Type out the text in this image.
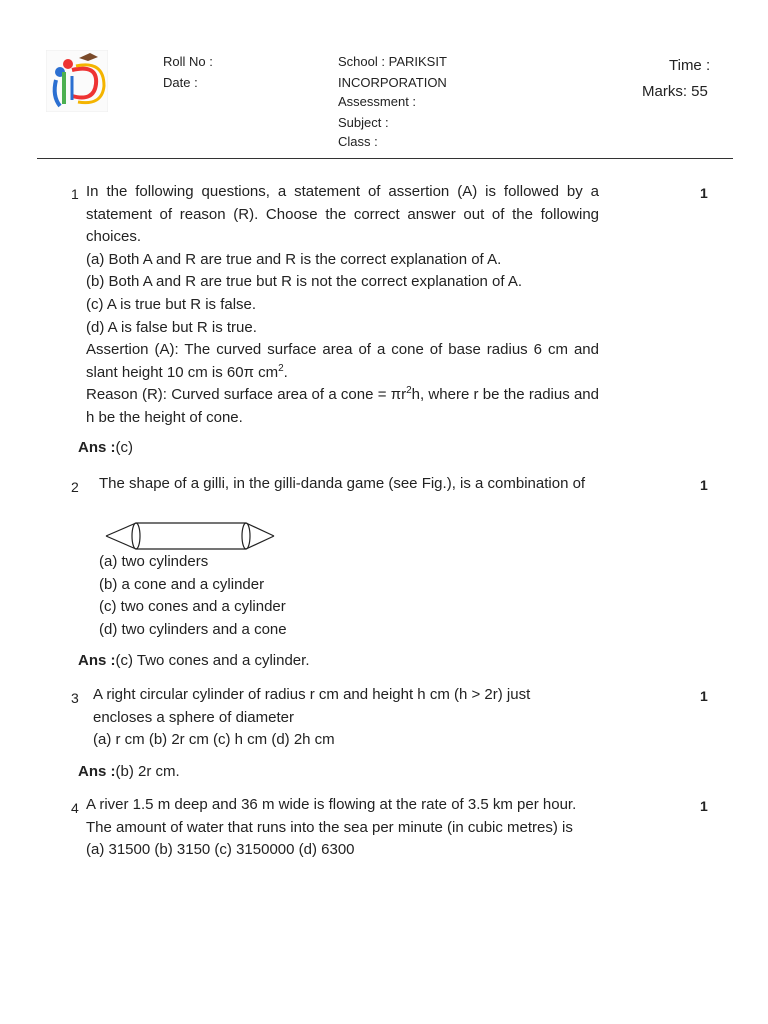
Roll No :
Date :
School : PARIKSIT
INCORPORATION
Assessment :
Subject :
Class :
Time :
Marks: 55
1	1

In the following questions, a statement of assertion (A) is followed by a statement of reason (R). Choose the correct answer out of the following choices.

(a) Both A and R are true and R is the correct explanation of A.

(b) Both A and R are true but R is not the correct explanation of A.

(c) A is true but R is false.

(d) A is false but R is true.

Assertion (A): The curved surface area of a cone of base radius 6 cm and slant height 10 cm is 60π $cm^2$.

Reason (R): Curved surface area of a cone = $\pi r^2h$, where r be the radius and h be the height of cone.

Ans :(c)
2	1
The shape of a gilli, in the gilli-danda game (see Fig.), is a combination of

(a) two cylinders

(b) a cone and a cylinder

(c) two cones and a cylinder

(d) two cylinders and a cone

Ans :(c) Two cones and a cylinder.
3	1

A right circular cylinder of radius r cm and height h cm (h > 2r) just encloses a sphere of diameter

(a) r cm (b) 2r cm (c) h cm (d) 2h cm

Ans :(b) 2r cm.
4	1

A river 1.5 m deep and 36 m wide is flowing at the rate of 3.5 km per hour. The amount of water that runs into the sea per minute (in cubic metres) is

(a) 31500 (b) 3150 (c) 3150000 (d) 6300
